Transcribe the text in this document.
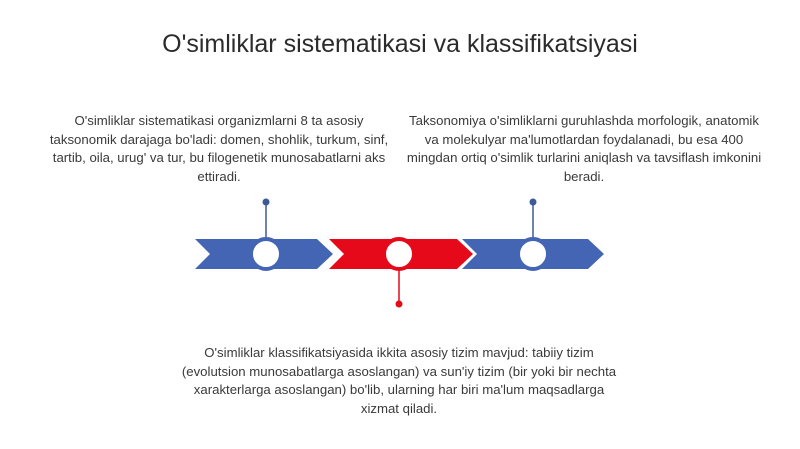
O'simliklar sistematikasi va klassifikatsiyasi
O'simliklar sistematikasi organizmlarni 8 ta asosiy taksonomik darajaga bo'ladi: domen, shohlik, turkum, sinf, tartib, oila, urug' va tur, bu filogenetik munosabatlarni aks ettiradi.
Taksonomiya o'simliklarni guruhlashda morfologik, anatomik va molekulyar ma'lumotlardan foydalanadi, bu esa 400 mingdan ortiq o'simlik turlarini aniqlash va tavsiflash imkonini beradi.
O'simliklar klassifikatsiyasida ikkita asosiy tizim mavjud: tabiiy tizim (evolutsion munosabatlarga asoslangan) va sun'iy tizim (bir yoki bir nechta xarakterlarga asoslangan) bo'lib, ularning har biri ma'lum maqsadlarga xizmat qiladi.
